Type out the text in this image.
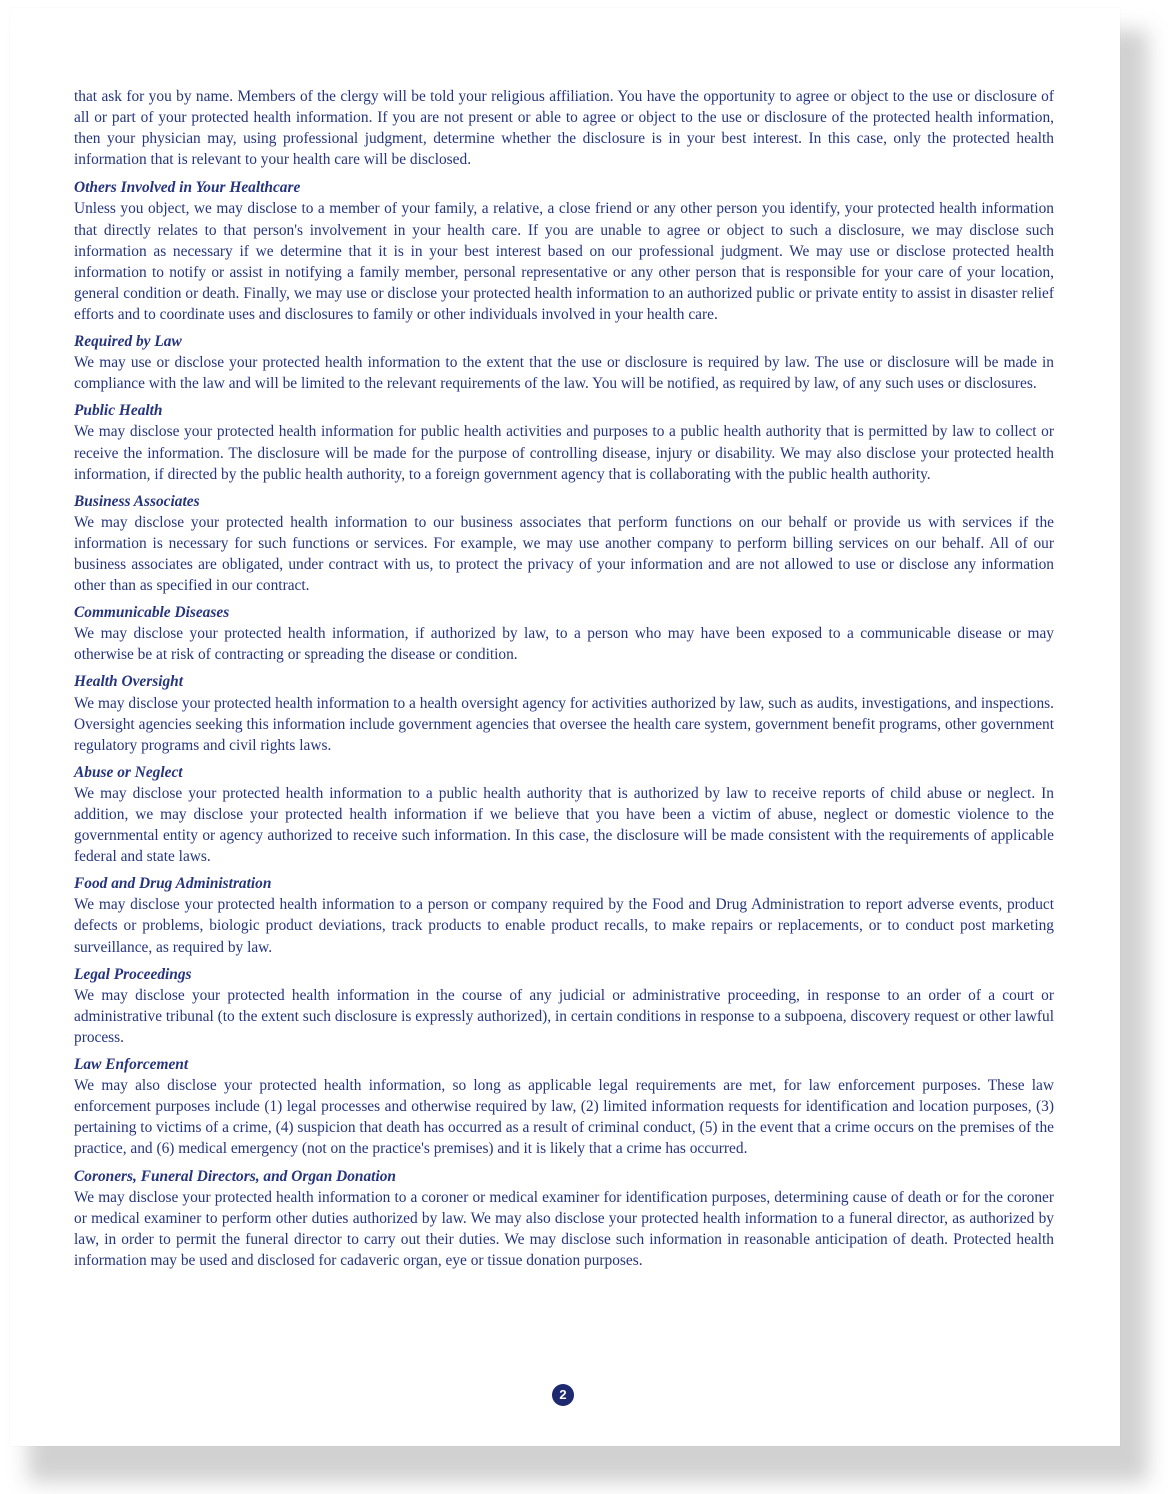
that ask for you by name. Members of the clergy will be told your religious affiliation. You have the opportunity to agree or object to the use or disclosure of all or part of your protected health information. If you are not present or able to agree or object to the use or disclosure of the protected health information, then your physician may, using professional judgment, determine whether the disclosure is in your best interest. In this case, only the protected health information that is relevant to your health care will be disclosed.

Others Involved in Your Healthcare

Unless you object, we may disclose to a member of your family, a relative, a close friend or any other person you identify, your protected health information that directly relates to that person's involvement in your health care. If you are unable to agree or object to such a disclosure, we may disclose such information as necessary if we determine that it is in your best interest based on our professional judgment. We may use or disclose protected health information to notify or assist in notifying a family member, personal representative or any other person that is responsible for your care of your location, general condition or death. Finally, we may use or disclose your protected health information to an authorized public or private entity to assist in disaster relief efforts and to coordinate uses and disclosures to family or other individuals involved in your health care.

Required by Law

We may use or disclose your protected health information to the extent that the use or disclosure is required by law. The use or disclosure will be made in compliance with the law and will be limited to the relevant requirements of the law. You will be notified, as required by law, of any such uses or disclosures.

Public Health

We may disclose your protected health information for public health activities and purposes to a public health authority that is permitted by law to collect or receive the information. The disclosure will be made for the purpose of controlling disease, injury or disability. We may also disclose your protected health information, if directed by the public health authority, to a foreign government agency that is collaborating with the public health authority.

Business Associates

We may disclose your protected health information to our business associates that perform functions on our behalf or provide us with services if the information is necessary for such functions or services. For example, we may use another company to perform billing services on our behalf. All of our business associates are obligated, under contract with us, to protect the privacy of your information and are not allowed to use or disclose any information other than as specified in our contract.

Communicable Diseases

We may disclose your protected health information, if authorized by law, to a person who may have been exposed to a communicable disease or may otherwise be at risk of contracting or spreading the disease or condition.

Health Oversight

We may disclose your protected health information to a health oversight agency for activities authorized by law, such as audits, investigations, and inspections. Oversight agencies seeking this information include government agencies that oversee the health care system, government benefit programs, other government regulatory programs and civil rights laws.

Abuse or Neglect

We may disclose your protected health information to a public health authority that is authorized by law to receive reports of child abuse or neglect. In addition, we may disclose your protected health information if we believe that you have been a victim of abuse, neglect or domestic violence to the governmental entity or agency authorized to receive such information. In this case, the disclosure will be made consistent with the requirements of applicable federal and state laws.

Food and Drug Administration

We may disclose your protected health information to a person or company required by the Food and Drug Administration to report adverse events, product defects or problems, biologic product deviations, track products to enable product recalls, to make repairs or replacements, or to conduct post marketing surveillance, as required by law.

Legal Proceedings

We may disclose your protected health information in the course of any judicial or administrative proceeding, in response to an order of a court or administrative tribunal (to the extent such disclosure is expressly authorized), in certain conditions in response to a subpoena, discovery request or other lawful process.

Law Enforcement

We may also disclose your protected health information, so long as applicable legal requirements are met, for law enforcement purposes. These law enforcement purposes include (1) legal processes and otherwise required by law, (2) limited information requests for identification and location purposes, (3) pertaining to victims of a crime, (4) suspicion that death has occurred as a result of criminal conduct, (5) in the event that a crime occurs on the premises of the practice, and (6) medical emergency (not on the practice's premises) and it is likely that a crime has occurred.

Coroners, Funeral Directors, and Organ Donation

We may disclose your protected health information to a coroner or medical examiner for identification purposes, determining cause of death or for the coroner or medical examiner to perform other duties authorized by law. We may also disclose your protected health information to a funeral director, as authorized by law, in order to permit the funeral director to carry out their duties. We may disclose such information in reasonable anticipation of death. Protected health information may be used and disclosed for cadaveric organ, eye or tissue donation purposes.

2
